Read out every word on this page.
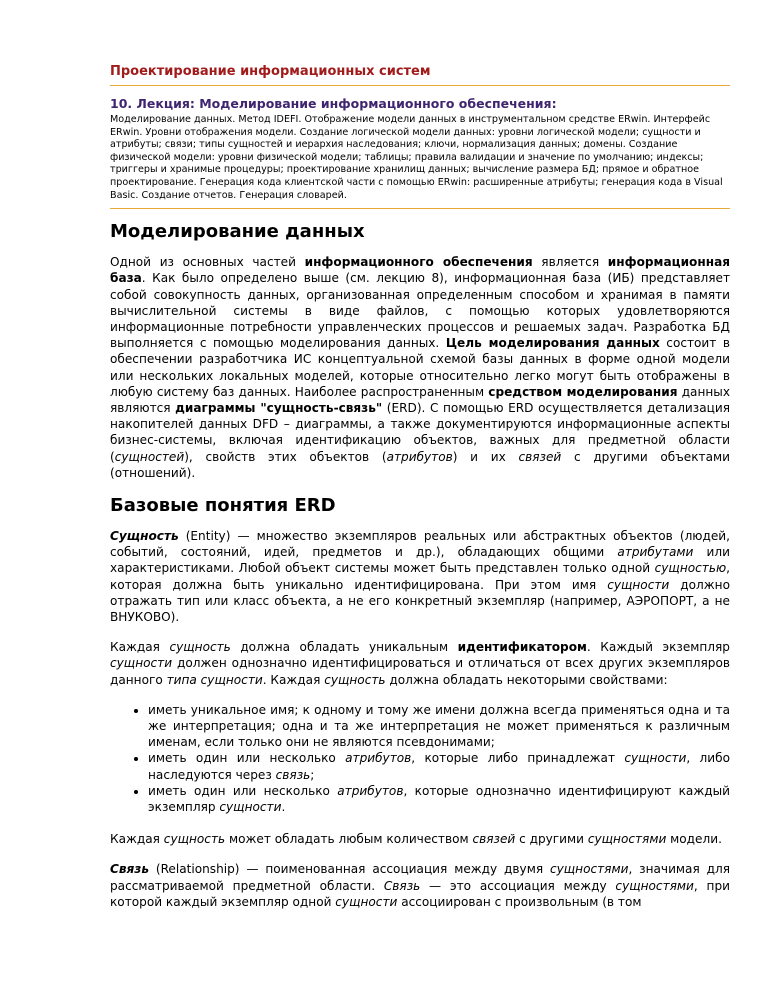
Проектирование информационных систем
10. Лекция: Моделирование информационного обеспечения:
Моделирование данных. Метод IDEFI. Отображение модели данных в инструментальном средстве ERwin. Интерфейс ERwin. Уровни отображения модели. Создание логической модели данных: уровни логической модели; сущности и атрибуты; связи; типы сущностей и иерархия наследования; ключи, нормализация данных; домены. Создание физической модели: уровни физической модели; таблицы; правила валидации и значение по умолчанию; индексы; триггеры и хранимые процедуры; проектирование хранилищ данных; вычисление размера БД; прямое и обратное проектирование. Генерация кода клиентской части с помощью ERwin: расширенные атрибуты; генерация кода в Visual Basic. Создание отчетов. Генерация словарей.
Моделирование данных

Одной из основных частей информационного обеспечения является информационная база. Как было определено выше (см. лекцию 8), информационная база (ИБ) представляет собой совокупность данных, организованная определенным способом и хранимая в памяти вычислительной системы в виде файлов, с помощью которых удовлетворяются информационные потребности управленческих процессов и решаемых задач. Разработка БД выполняется с помощью моделирования данных. Цель моделирования данных состоит в обеспечении разработчика ИС концептуальной схемой базы данных в форме одной модели или нескольких локальных моделей, которые относительно легко могут быть отображены в любую систему баз данных. Наиболее распространенным средством моделирования данных являются диаграммы "сущность-связь" (ERD). С помощью ERD осуществляется детализация накопителей данных DFD – диаграммы, а также документируются информационные аспекты бизнес-системы, включая идентификацию объектов, важных для предметной области (сущностей), свойств этих объектов (атрибутов) и их связей с другими объектами (отношений).

Базовые понятия ERD

Сущность (Entity) — множество экземпляров реальных или абстрактных объектов (людей, событий, состояний, идей, предметов и др.), обладающих общими атрибутами или характеристиками. Любой объект системы может быть представлен только одной сущностью, которая должна быть уникально идентифицирована. При этом имя сущности должно отражать тип или класс объекта, а не его конкретный экземпляр (например, АЭРОПОРТ, а не ВНУКОВО).

Каждая сущность должна обладать уникальным идентификатором. Каждый экземпляр сущности должен однозначно идентифицироваться и отличаться от всех других экземпляров данного типа сущности. Каждая сущность должна обладать некоторыми свойствами:

• иметь уникальное имя; к одному и тому же имени должна всегда применяться одна и та же интерпретация; одна и та же интерпретация не может применяться к различным именам, если только они не являются псевдонимами;
• иметь один или несколько атрибутов, которые либо принадлежат сущности, либо наследуются через связь;
• иметь один или несколько атрибутов, которые однозначно идентифицируют каждый экземпляр сущности.

Каждая сущность может обладать любым количеством связей с другими сущностями модели.

Связь (Relationship) — поименованная ассоциация между двумя сущностями, значимая для рассматриваемой предметной области. Связь — это ассоциация между сущностями, при которой каждый экземпляр одной сущности ассоциирован с произвольным (в том
